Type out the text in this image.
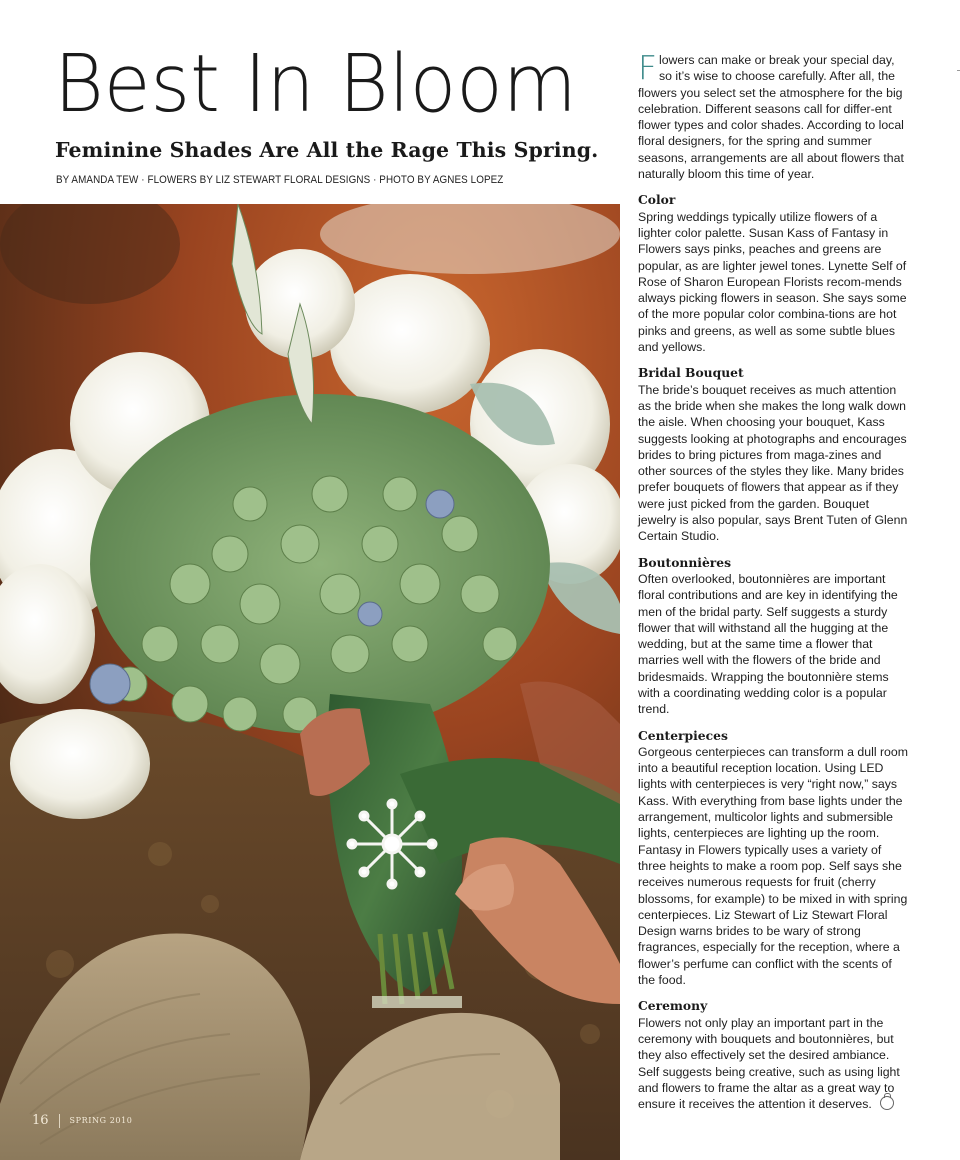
Best In Bloom
Feminine Shades Are All the Rage This Spring.
BY AMANDA TEW · FLOWERS BY LIZ STEWART FLORAL DESIGNS · PHOTO BY AGNES LOPEZ
16	SPRING 2010

Flowers can make or break your special day, so it’s wise to choose carefully. After all, the flowers you select set the atmosphere for the big celebration. Different seasons call for differ-ent flower types and color shades. According to local floral designers, for the spring and summer seasons, arrangements are all about flowers that naturally bloom this time of year.

Color

Spring weddings typically utilize flowers of a lighter color palette. Susan Kass of Fantasy in Flowers says pinks, peaches and greens are popular, as are lighter jewel tones. Lynette Self of Rose of Sharon European Florists recom-mends always picking flowers in season. She says some of the more popular color combina-tions are hot pinks and greens, as well as some subtle blues and yellows.

Bridal Bouquet

The bride’s bouquet receives as much attention as the bride when she makes the long walk down the aisle. When choosing your bouquet, Kass suggests looking at photographs and encourages brides to bring pictures from maga-zines and other sources of the styles they like. Many brides prefer bouquets of flowers that appear as if they were just picked from the garden. Bouquet jewelry is also popular, says Brent Tuten of Glenn Certain Studio.

Boutonnières

Often overlooked, boutonnières are important floral contributions and are key in identifying the men of the bridal party. Self suggests a sturdy flower that will withstand all the hugging at the wedding, but at the same time a flower that marries well with the flowers of the bride and bridesmaids. Wrapping the boutonnière stems with a coordinating wedding color is a popular trend.

Centerpieces

Gorgeous centerpieces can transform a dull room into a beautiful reception location. Using LED lights with centerpieces is very “right now,” says Kass. With everything from base lights under the arrangement, multicolor lights and submersible lights, centerpieces are lighting up the room. Fantasy in Flowers typically uses a variety of three heights to make a room pop. Self says she receives numerous requests for fruit (cherry blossoms, for example) to be mixed in with spring centerpieces. Liz Stewart of Liz Stewart Floral Design warns brides to be wary of strong fragrances, especially for the reception, where a flower’s perfume can conflict with the scents of the food.

Ceremony

Flowers not only play an important part in the ceremony with bouquets and boutonnières, but they also effectively set the desired ambiance. Self suggests being creative, such as using light and flowers to frame the altar as a great way to ensure it receives the attention it deserves.
